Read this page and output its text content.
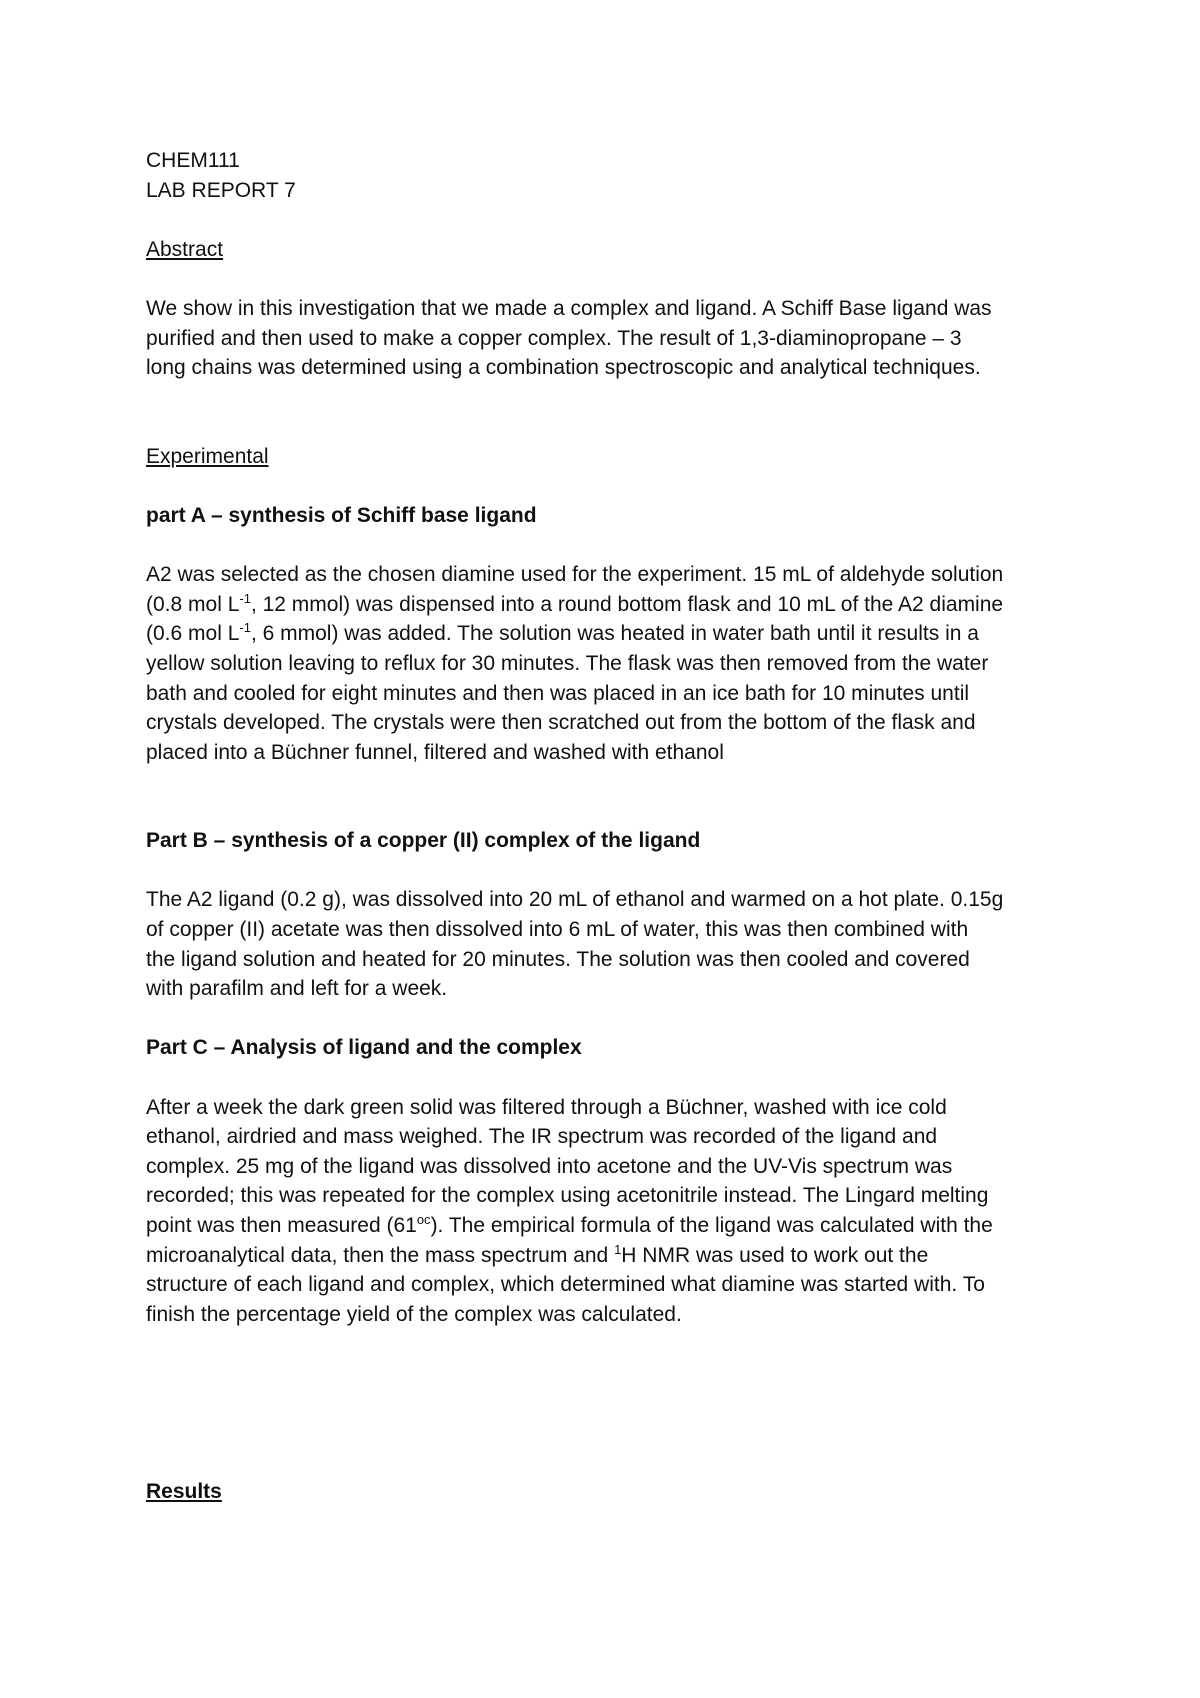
CHEM111
LAB REPORT 7
Abstract
We show in this investigation that we made a complex and ligand. A Schiff Base ligand was
purified and then used to make a copper complex. The result of 1,3-diaminopropane – 3
long chains was determined using a combination spectroscopic and analytical techniques.
Experimental
part A – synthesis of Schiff base ligand
A2 was selected as the chosen diamine used for the experiment. 15 mL of aldehyde solution
(0.8 mol $L^{-1}$, 12 mmol) was dispensed into a round bottom flask and 10 mL of the A2 diamine
(0.6 mol $L^{-1}$, 6 mmol) was added. The solution was heated in water bath until it results in a
yellow solution leaving to reflux for 30 minutes. The flask was then removed from the water
bath and cooled for eight minutes and then was placed in an ice bath for 10 minutes until
crystals developed. The crystals were then scratched out from the bottom of the flask and
placed into a Büchner funnel, filtered and washed with ethanol
Part B – synthesis of a copper (II) complex of the ligand
The A2 ligand (0.2 g), was dissolved into 20 mL of ethanol and warmed on a hot plate. 0.15g
of copper (II) acetate was then dissolved into 6 mL of water, this was then combined with
the ligand solution and heated for 20 minutes. The solution was then cooled and covered
with parafilm and left for a week.
Part C – Analysis of ligand and the complex
After a week the dark green solid was filtered through a Büchner, washed with ice cold
ethanol, airdried and mass weighed. The IR spectrum was recorded of the ligand and
complex. 25 mg of the ligand was dissolved into acetone and the UV-Vis spectrum was
recorded; this was repeated for the complex using acetonitrile instead. The Lingard melting
point was then measured $(61^{oc})$. The empirical formula of the ligand was calculated with the
microanalytical data, then the mass spectrum and $^1$H NMR was used to work out the
structure of each ligand and complex, which determined what diamine was started with. To
finish the percentage yield of the complex was calculated.
Results
